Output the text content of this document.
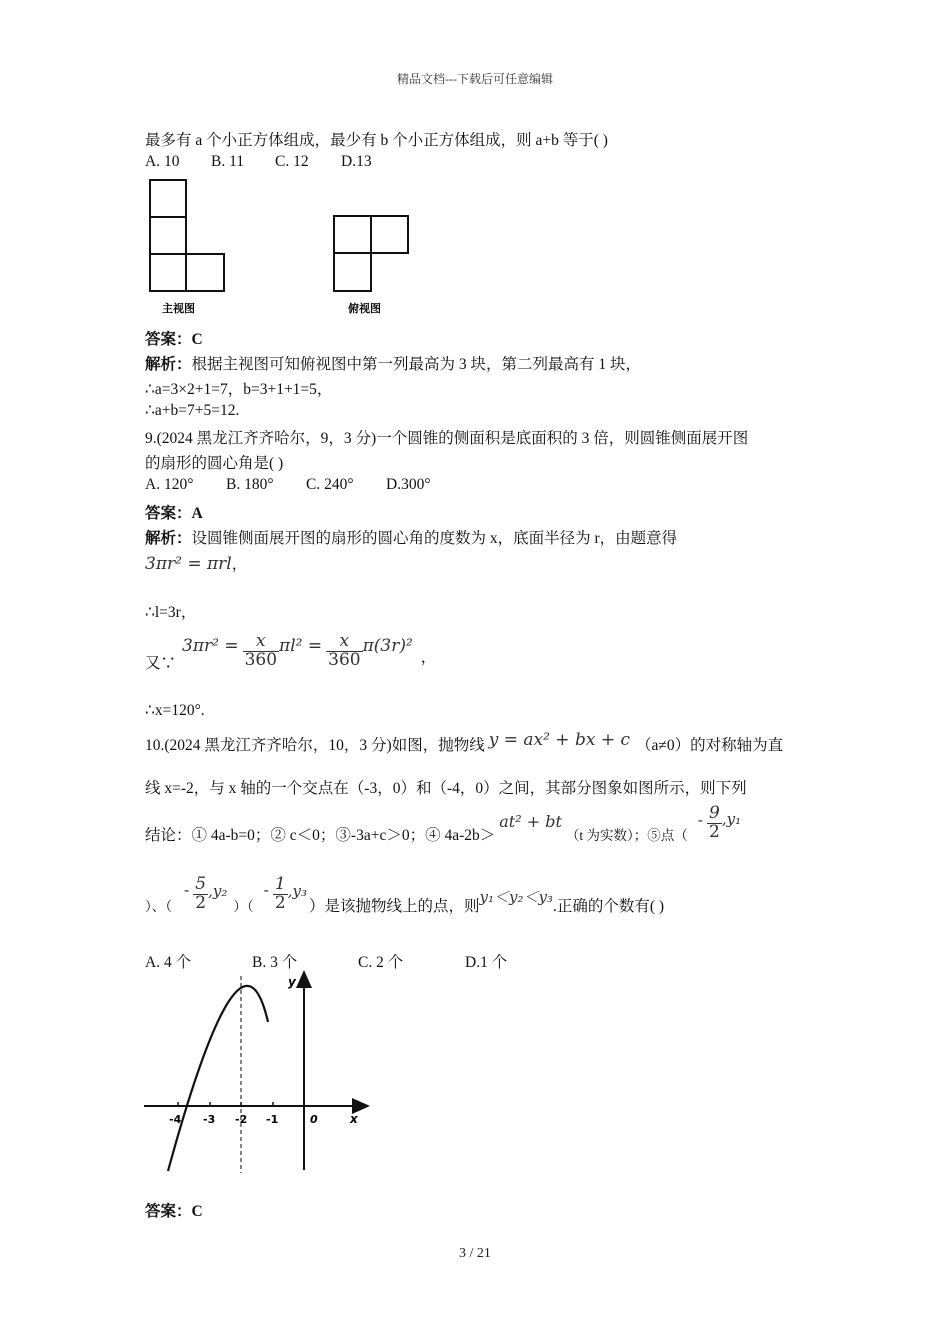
精品文档---下载后可任意编辑
最多有 a 个小正方体组成，最少有 b 个小正方体组成，则 a+b 等于( )
A. 10 B. 11 C. 12 D.13
主视图	俯视图
答案：C
解析：根据主视图可知俯视图中第一列最高为 3 块，第二列最高有 1 块，
∴a=3×2+1=7，b=3+1+1=5，
∴a+b=7+5=12.
9.(2024 黑龙江齐齐哈尔，9，3 分)一个圆锥的侧面积是底面积的 3 倍，则圆锥侧面展开图
的扇形的圆心角是( )
A. 120° B. 180° C. 240° D.300°
答案：A
解析：设圆锥侧面展开图的扇形的圆心角的度数为 x，底面半径为 r，由题意得
3πr² = πrl，
∴l=3r，
又∵
$3\pi r^2 = \frac{x}{360} \pi l^2 = \frac{x}{360} \pi(3r)^2$
，
∴x=120°.
10.(2024 黑龙江齐齐哈尔，10，3 分)如图，抛物线 y = ax² + bx + c （a≠0）的对称轴为直
线 x=-2，与 x 轴的一个交点在（-3，0）和（-4，0）之间，其部分图象如图所示，则下列
结论：① 4a-b=0；② c＜0；③-3a+c＞0；④ 4a-2b＞
at² + bt
（t 为实数）；⑤点（
- $\frac{9}{2}$ , y₁
）、（
- $\frac{5}{2}$ , y₂
）（
- $\frac{1}{2}$ , y₃
）是该抛物线上的点，则
y₁＜y₂＜y₃
.正确的个数有( )
A. 4 个	B. 3 个	C. 2 个	D.1 个
y
x
0
-4 -3 -2 -1
答案：C
3 / 21
